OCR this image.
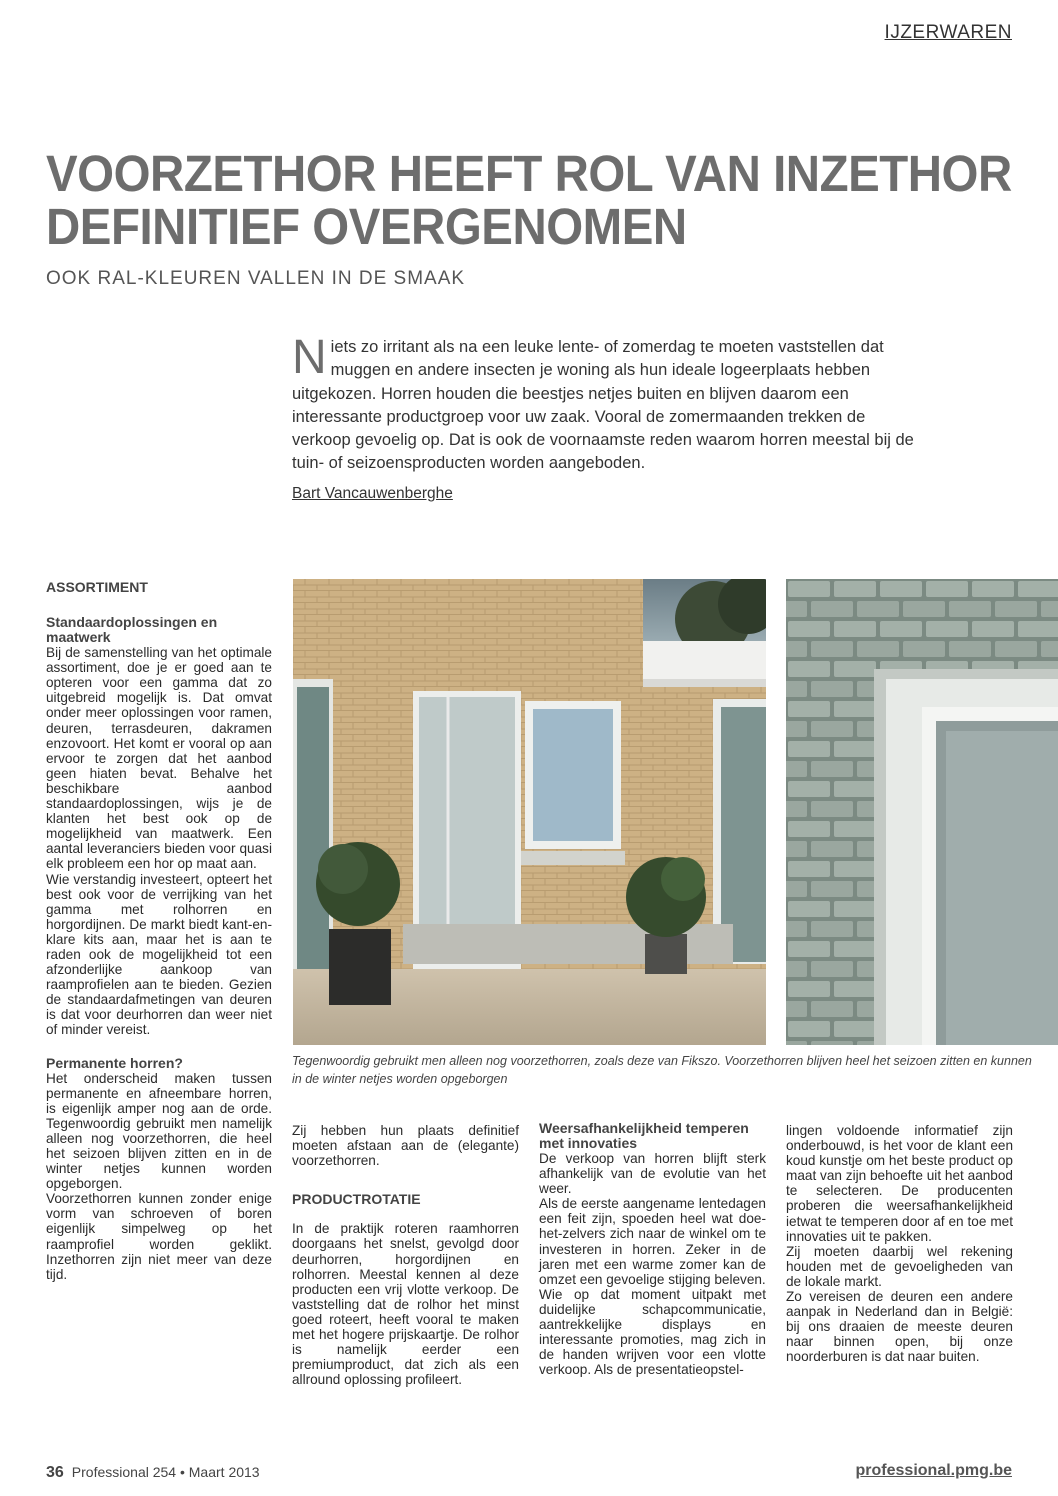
IJZERWAREN
VOORZETHOR HEEFT ROL VAN INZETHOR
DEFINITIEF OVERGENOMEN
OOK RAL-KLEUREN VALLEN IN DE SMAAK
Niets zo irritant als na een leuke lente- of zomerdag te moeten vaststellen dat muggen en andere insecten je woning als hun ideale logeerplaats hebben uitgekozen. Horren houden die beestjes netjes buiten en blijven daarom een interessante productgroep voor uw zaak. Vooral de zomermaanden trekken de verkoop gevoelig op. Dat is ook de voornaamste reden waarom horren meestal bij de tuin- of seizoensproducten worden aangeboden.
Bart Vancauwenberghe
Tegenwoordig gebruikt men alleen nog voorzethorren, zoals deze van Fikszo. Voorzethorren blijven heel het seizoen zitten en kunnen in de winter netjes worden opgeborgen
ASSORTIMENT
Standaardoplossingen en maatwerk

Bij de samenstelling van het optimale assortiment, doe je er goed aan te opteren voor een gamma dat zo uitgebreid mogelijk is. Dat omvat onder meer oplossingen voor ramen, deuren, terrasdeuren, dakramen enzovoort. Het komt er vooral op aan ervoor te zorgen dat het aanbod geen hiaten bevat. Behalve het beschikbare aanbod standaardoplossingen, wijs je de klanten het best ook op de mogelijkheid van maatwerk. Een aantal leveranciers bieden voor quasi elk probleem een hor op maat aan.

Wie verstandig investeert, opteert het best ook voor de verrijking van het gamma met rolhorren en horgordijnen. De markt biedt kant-en-klare kits aan, maar het is aan te raden ook de mogelijkheid tot een afzonderlijke aankoop van raamprofielen aan te bieden. Gezien de standaardafmetingen van deuren is dat voor deurhorren dan weer niet of minder vereist.

Permanente horren?

Het onderscheid maken tussen permanente en afneembare horren, is eigenlijk amper nog aan de orde. Tegenwoordig gebruikt men namelijk alleen nog voorzethorren, die heel het seizoen blijven zitten en in de winter netjes kunnen worden opgeborgen.

Voorzethorren kunnen zonder enige vorm van schroeven of boren eigenlijk simpelweg op het raamprofiel worden geklikt. Inzethorren zijn niet meer van deze tijd.

Zij hebben hun plaats definitief moeten afstaan aan de (elegante) voorzethorren.

PRODUCTROTATIE

In de praktijk roteren raamhorren doorgaans het snelst, gevolgd door deurhorren, horgordijnen en rolhorren. Meestal kennen al deze producten een vrij vlotte verkoop. De vaststelling dat de rolhor het minst goed roteert, heeft vooral te maken met het hogere prijskaartje. De rolhor is namelijk eerder een premiumproduct, dat zich als een allround oplossing profileert.

Weersafhankelijkheid temperen met innovaties

De verkoop van horren blijft sterk afhankelijk van de evolutie van het weer.

Als de eerste aangename lentedagen een feit zijn, spoeden heel wat doe-het-zelvers zich naar de winkel om te investeren in horren. Zeker in de jaren met een warme zomer kan de omzet een gevoelige stijging beleven.

Wie op dat moment uitpakt met duidelijke schapcommunicatie, aantrekkelijke displays en interessante promoties, mag zich in de handen wrijven voor een vlotte verkoop. Als de presentatieopstel-

lingen voldoende informatief zijn onderbouwd, is het voor de klant een koud kunstje om het beste product op maat van zijn behoefte uit het aanbod te selecteren. De producenten proberen die weersafhankelijkheid ietwat te temperen door af en toe met innovaties uit te pakken.

Zij moeten daarbij wel rekening houden met de gevoeligheden van de lokale markt.

Zo vereisen de deuren een andere aanpak in Nederland dan in België: bij ons draaien de meeste deuren naar binnen open, bij onze noorderburen is dat naar buiten.

36 Professional 254 • Maart 2013	professional.pmg.be
